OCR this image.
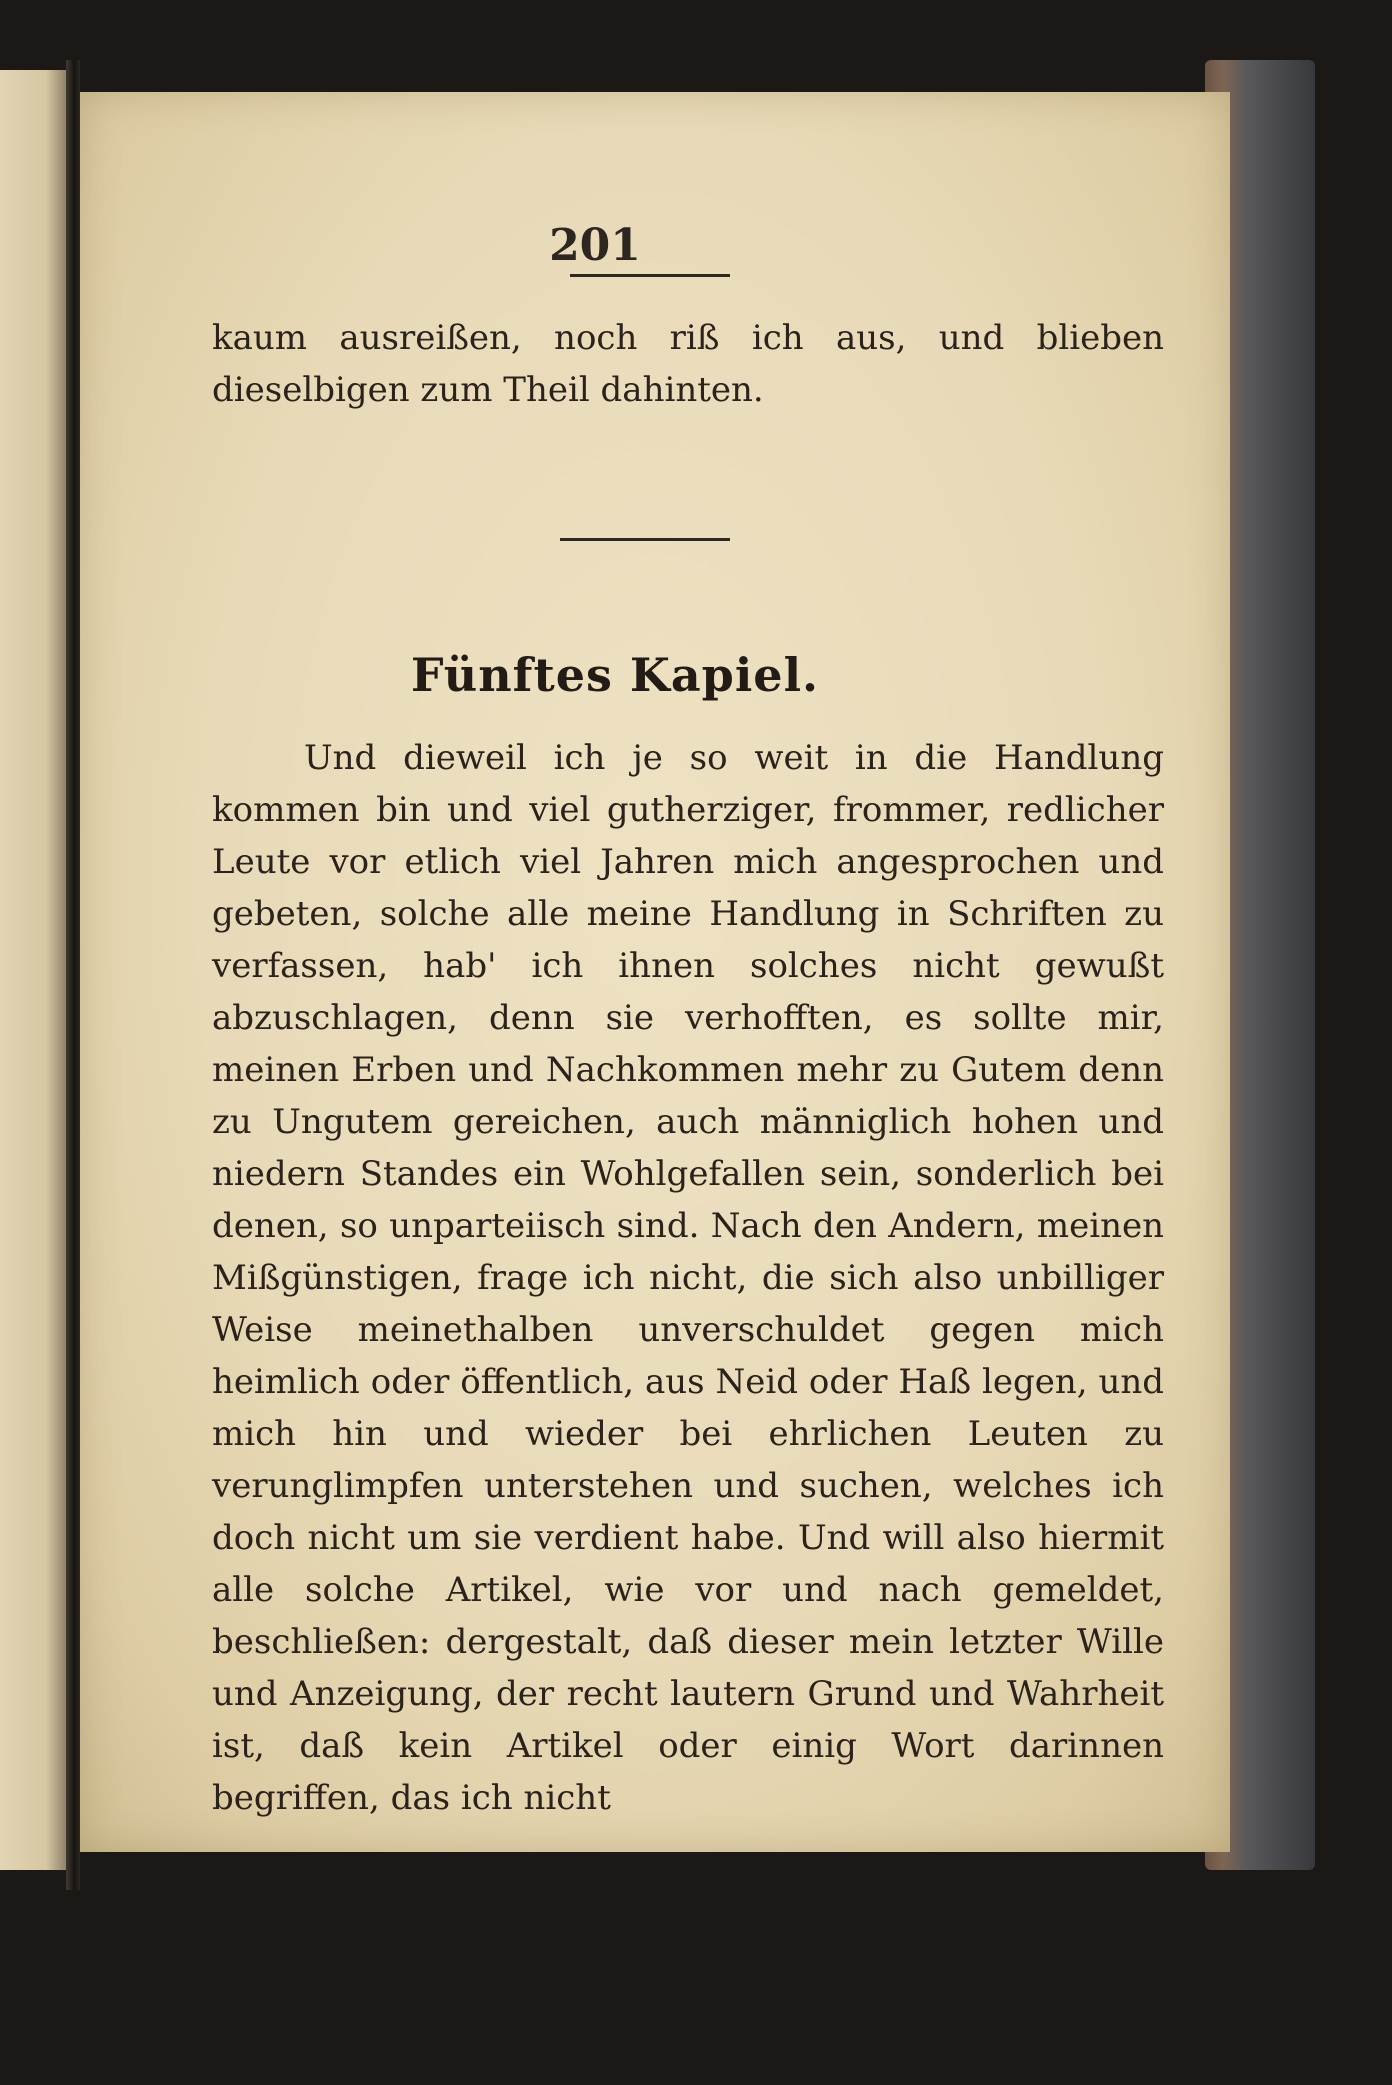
201
kaum ausreißen, noch riß ich aus, und blieben dieselbigen zum Theil dahinten.
Fünftes Kapiel.
Und dieweil ich je so weit in die Handlung kommen bin und viel gutherziger, frommer, redlicher Leute vor etlich viel Jahren mich angesprochen und gebeten, solche alle meine Handlung in Schriften zu verfassen, hab' ich ihnen solches nicht gewußt abzuschlagen, denn sie verhofften, es sollte mir, meinen Erben und Nachkommen mehr zu Gutem denn zu Ungutem gereichen, auch männiglich hohen und niedern Standes ein Wohlgefallen sein, sonderlich bei denen, so unparteiisch sind. Nach den Andern, meinen Mißgünstigen, frage ich nicht, die sich also unbilliger Weise meinethalben unverschuldet gegen mich heimlich oder öffentlich, aus Neid oder Haß legen, und mich hin und wieder bei ehrlichen Leuten zu verunglimpfen unterstehen und suchen, welches ich doch nicht um sie verdient habe. Und will also hiermit alle solche Artikel, wie vor und nach gemeldet, beschließen: dergestalt, daß dieser mein letzter Wille und Anzeigung, der recht lautern Grund und Wahrheit ist, daß kein Artikel oder einig Wort darinnen begriffen, das ich nicht
